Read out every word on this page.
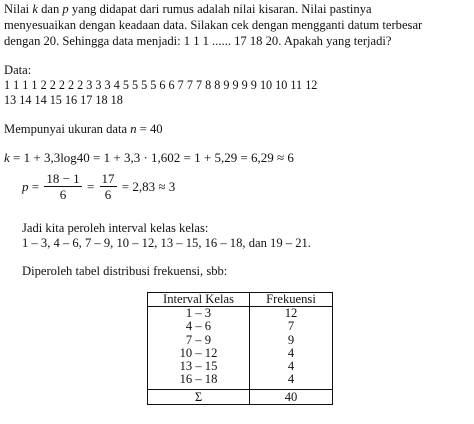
Nilai k dan p yang didapat dari rumus adalah nilai kisaran. Nilai pastinya
menyesuaikan dengan keadaan data. Silakan cek dengan mengganti datum terbesar
dengan 20. Sehingga data menjadi: 1 1 1 ...... 17 18 20. Apakah yang terjadi?
Data:
1 1 1 1 2 2 2 2 2 3 3 3 4 5 5 5 5 6 6 7 7 7 8 8 9 9 9 9 10 10 11 12
13 14 14 15 16 17 18 18
Mempunyai ukuran data n = 40
k = 1 + 3,3log40 = 1 + 3,3 · 1,602 = 1 + 5,29 = 6,29 ≈ 6
$p = \frac{18 - 1}{6} = \frac{17}{6} = 2,83 \approx 3$
Jadi kita peroleh interval kelas kelas:
1 – 3, 4 – 6, 7 – 9, 10 – 12, 13 – 15, 16 – 18, dan 19 – 21.
Diperoleh tabel distribusi frekuensi, sbb:
Interval Kelas	Frekuensi
1 – 3	12
4 – 6	7
7 – 9	9
10 – 12	4
13 – 15	4
16 – 18	4

Σ	40
